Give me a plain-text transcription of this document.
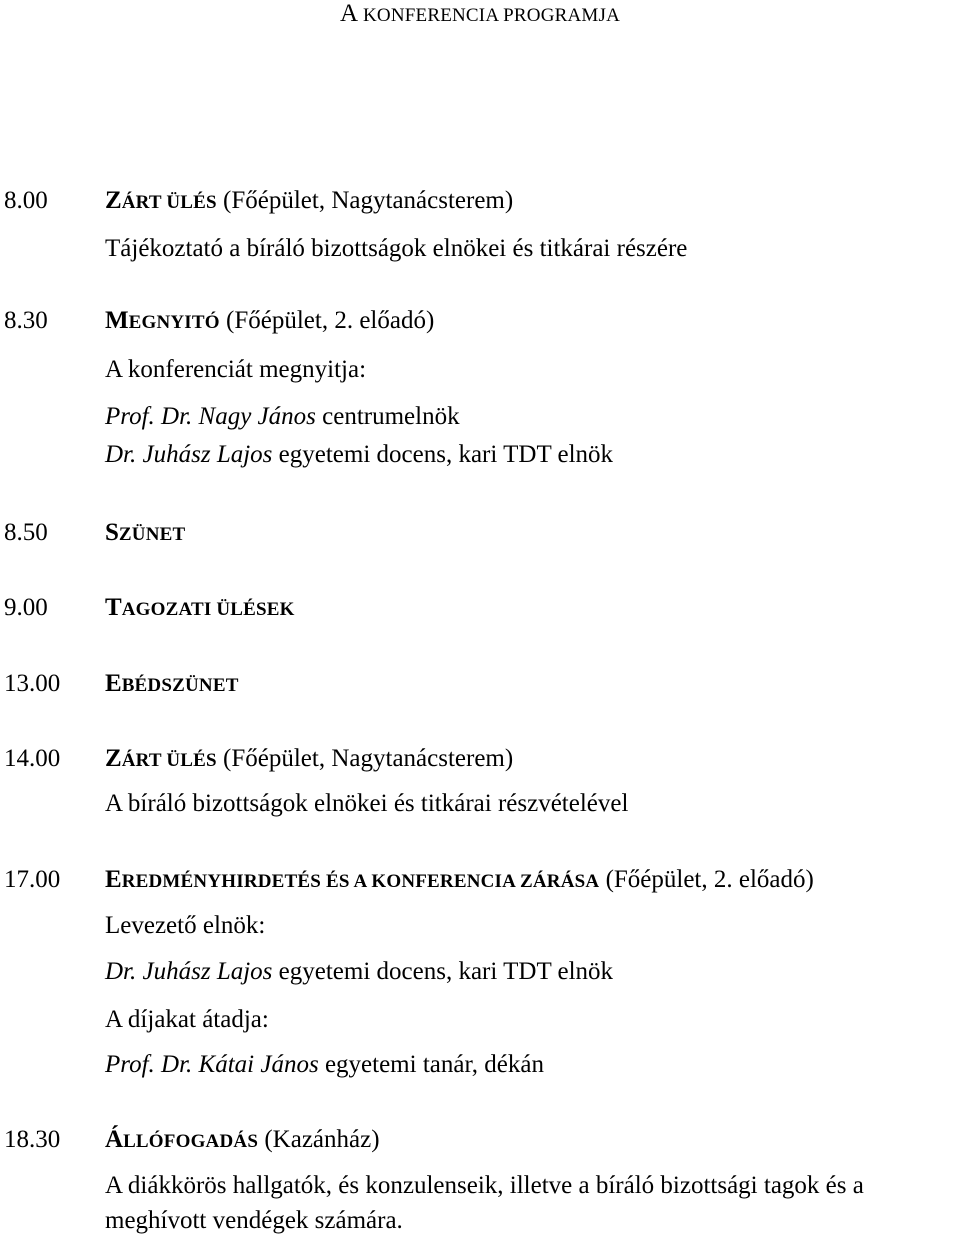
A KONFERENCIA PROGRAMJA
8.00 ZÁRT ÜLÉS (Főépület, Nagytanácsterem)
Tájékoztató a bíráló bizottságok elnökei és titkárai részére
8.30 MEGNYITÓ (Főépület, 2. előadó)
A konferenciát megnyitja:
Prof. Dr. Nagy János centrumelnök
Dr. Juhász Lajos egyetemi docens, kari TDT elnök
8.50 SZÜNET
9.00 TAGOZATI ÜLÉSEK
13.00 EBÉDSZÜNET
14.00 ZÁRT ÜLÉS (Főépület, Nagytanácsterem)
A bíráló bizottságok elnökei és titkárai részvételével
17.00 EREDMÉNYHIRDETÉS ÉS A KONFERENCIA ZÁRÁSA (Főépület, 2. előadó)
Levezető elnök:
Dr. Juhász Lajos egyetemi docens, kari TDT elnök
A díjakat átadja:
Prof. Dr. Kátai János egyetemi tanár, dékán
18.30 ÁLLÓFOGADÁS (Kazánház)
A diákkörös hallgatók, és konzulenseik, illetve a bíráló bizottsági tagok és a meghívott vendégek számára.
